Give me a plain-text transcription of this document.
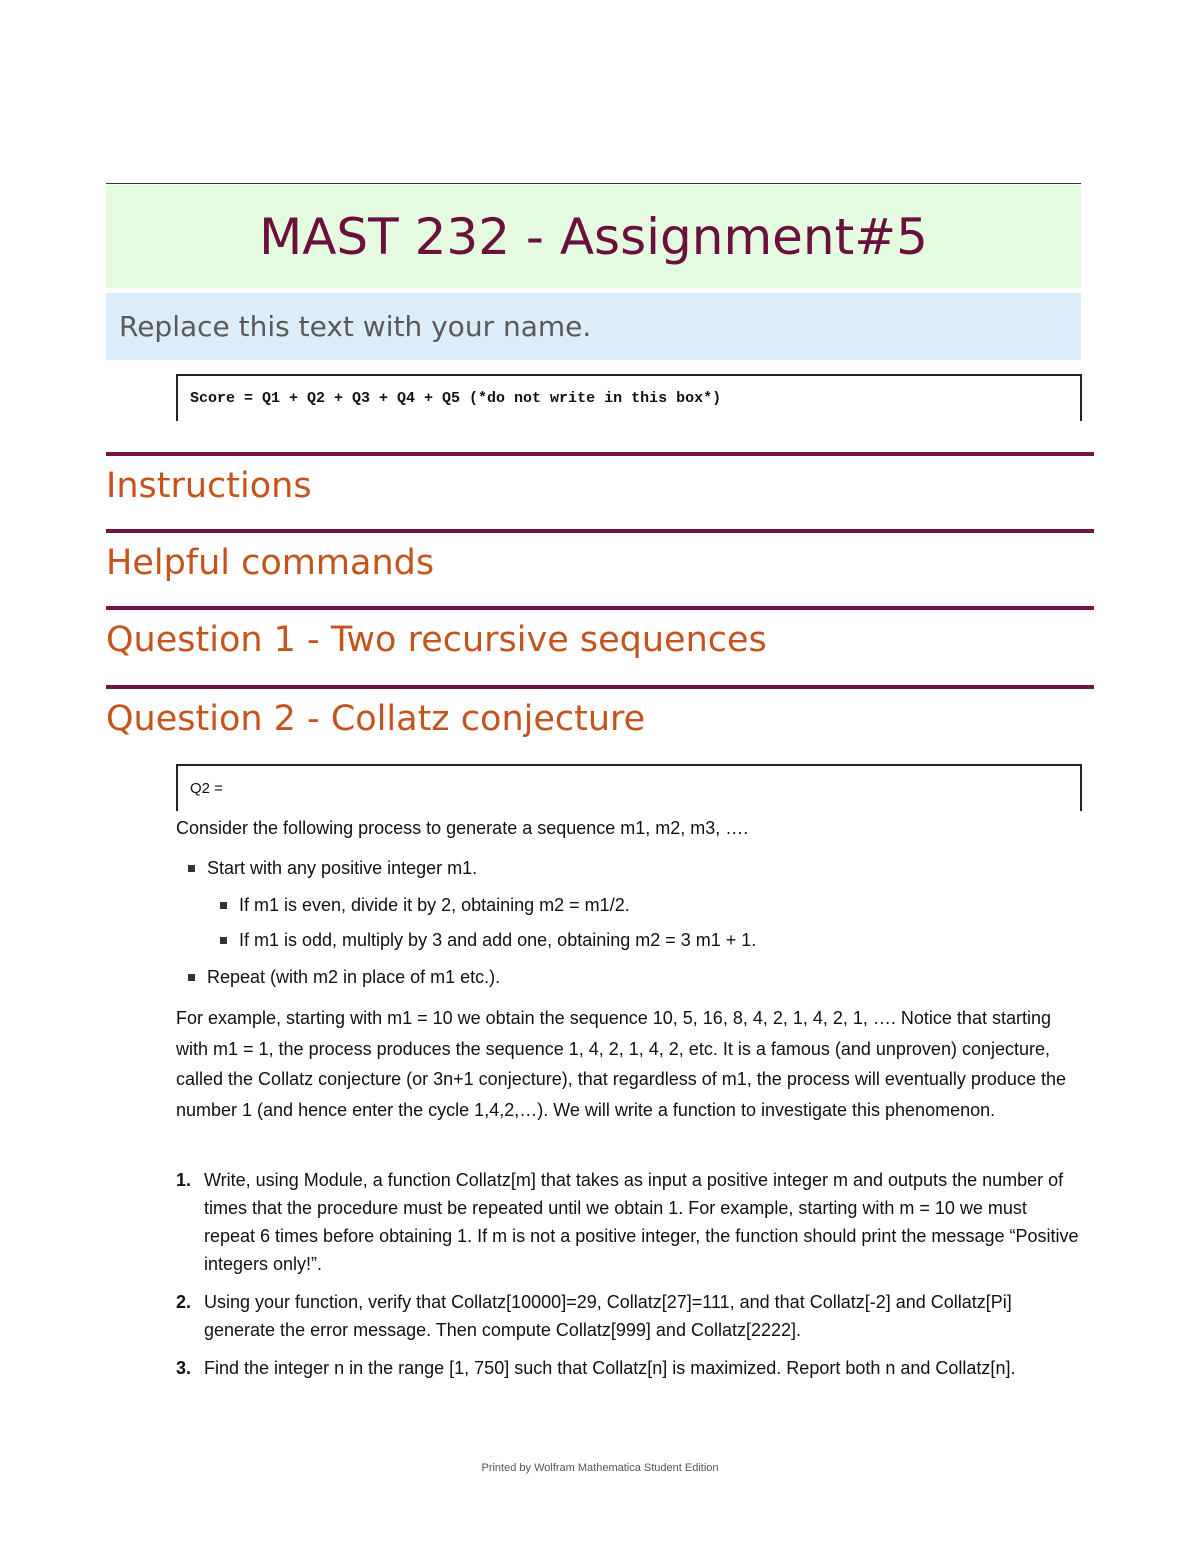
MAST 232 - Assignment#5
Replace this text with your name.
Score = Q1 + Q2 + Q3 + Q4 + Q5 (*do not write in this box*)
Instructions
Helpful commands
Question 1 - Two recursive sequences
Question 2 - Collatz conjecture
Q2 =
Consider the following process to generate a sequence m1, m2, m3, ….
Start with any positive integer m1.
If m1 is even, divide it by 2, obtaining m2 = m1/2.
If m1 is odd, multiply by 3 and add one, obtaining m2 = 3 m1 + 1.
Repeat (with m2 in place of m1 etc.).
For example, starting with m1 = 10 we obtain the sequence 10, 5, 16, 8, 4, 2, 1, 4, 2, 1, …. Notice that starting with m1 = 1, the process produces the sequence 1, 4, 2, 1, 4, 2, etc. It is a famous (and unproven) conjecture, called the Collatz conjecture (or 3n+1 conjecture), that regardless of m1, the process will eventually produce the number 1 (and hence enter the cycle 1,4,2,…). We will write a function to investigate this phenomenon.
1. Write, using Module, a function Collatz[m] that takes as input a positive integer m and outputs the number of times that the procedure must be repeated until we obtain 1. For example, starting with m = 10 we must repeat 6 times before obtaining 1. If m is not a positive integer, the function should print the message “Positive integers only!”.
2. Using your function, verify that Collatz[10000]=29, Collatz[27]=111, and that Collatz[-2] and Collatz[Pi] generate the error message. Then compute Collatz[999] and Collatz[2222].
3. Find the integer n in the range [1, 750] such that Collatz[n] is maximized. Report both n and Collatz[n].
Printed by Wolfram Mathematica Student Edition
